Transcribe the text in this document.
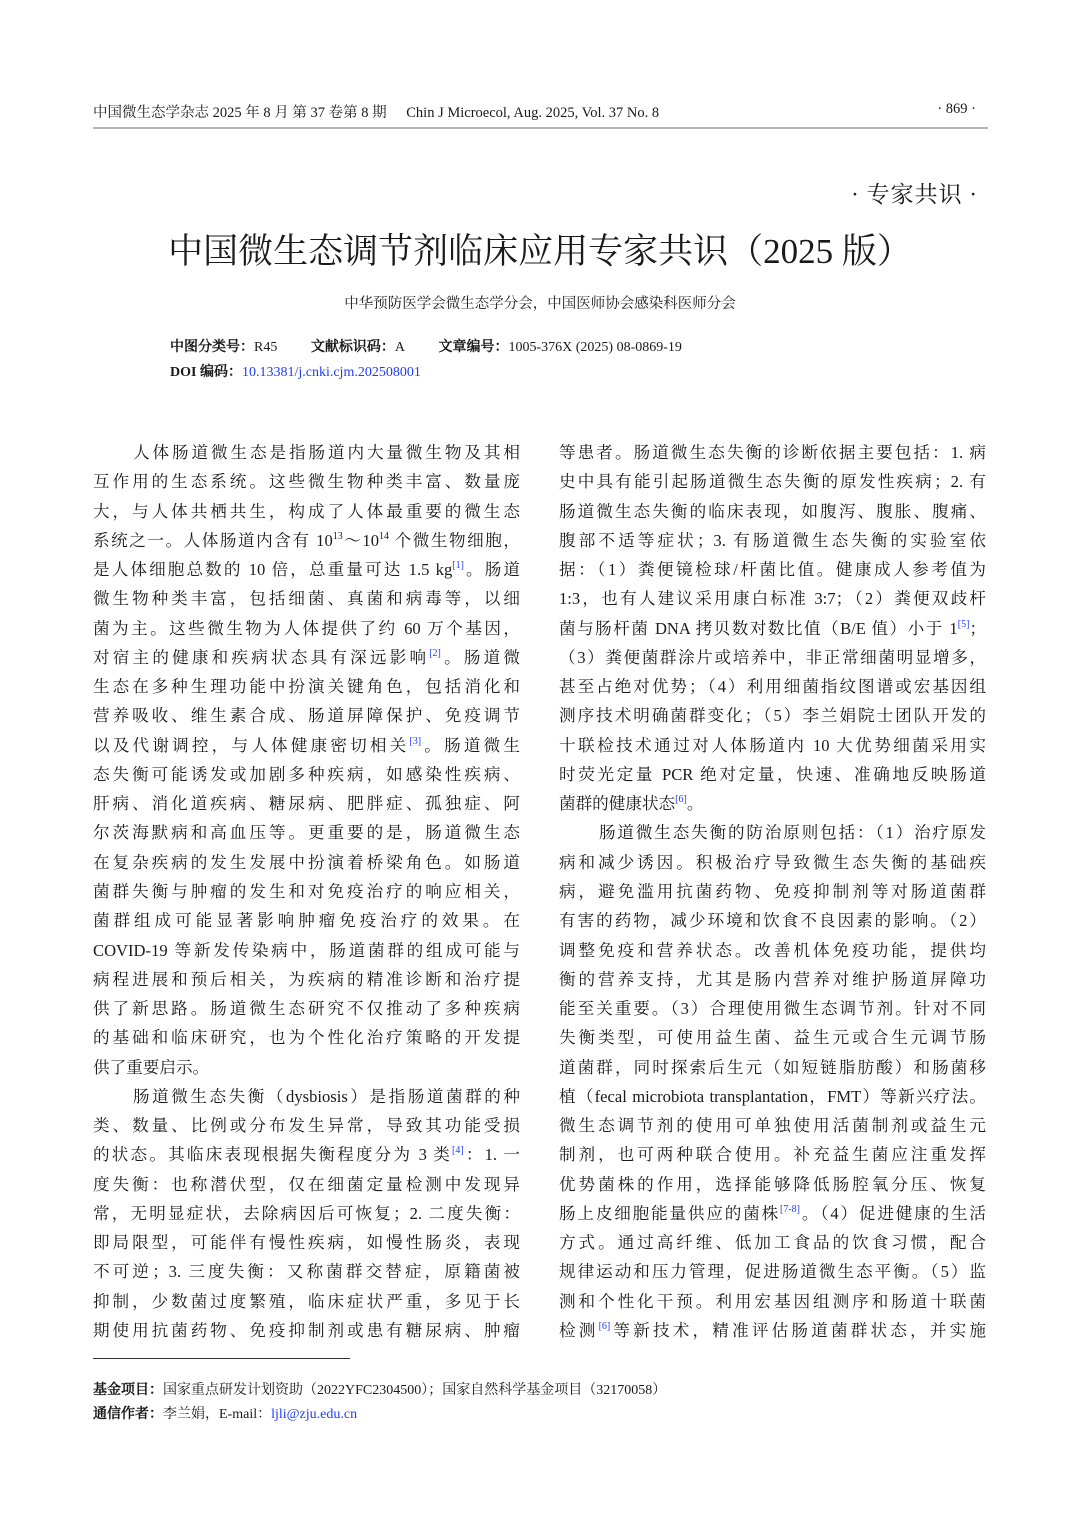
中国微生态学杂志 2025 年 8 月 第 37 卷第 8 期 Chin J Microecol, Aug. 2025, Vol. 37 No. 8	· 869 ·
· 专家共识 ·
中国微生态调节剂临床应用专家共识（2025 版）
中华预防医学会微生态学分会，中国医师协会感染科医师分会
中图分类号：R45 文献标识码：A 文章编号：1005-376X (2025) 08-0869-19
DOI 编码：10.13381/j.cnki.cjm.202508001
人体肠道微生态是指肠道内大量微生物及其相
互作用的生态系统。这些微生物种类丰富、数量庞
大，与人体共栖共生，构成了人体最重要的微生态
系统之一。人体肠道内含有 $10^{13}\sim 10^{14}$ 个微生物细胞，
是人体细胞总数的 10 倍，总重量可达 1.5 kg[1]。肠道
微生物种类丰富，包括细菌、真菌和病毒等，以细
菌为主。这些微生物为人体提供了约 60 万个基因，
对宿主的健康和疾病状态具有深远影响[2]。肠道微
生态在多种生理功能中扮演关键角色，包括消化和
营养吸收、维生素合成、肠道屏障保护、免疫调节
以及代谢调控，与人体健康密切相关[3]。肠道微生
态失衡可能诱发或加剧多种疾病，如感染性疾病、
肝病、消化道疾病、糖尿病、肥胖症、孤独症、阿
尔茨海默病和高血压等。更重要的是，肠道微生态
在复杂疾病的发生发展中扮演着桥梁角色。如肠道
菌群失衡与肿瘤的发生和对免疫治疗的响应相关，
菌群组成可能显著影响肿瘤免疫治疗的效果。在
COVID-19 等新发传染病中，肠道菌群的组成可能与
病程进展和预后相关，为疾病的精准诊断和治疗提
供了新思路。肠道微生态研究不仅推动了多种疾病
的基础和临床研究，也为个性化治疗策略的开发提
供了重要启示。
肠道微生态失衡（dysbiosis）是指肠道菌群的种
类、数量、比例或分布发生异常，导致其功能受损
的状态。其临床表现根据失衡程度分为 3 类[4]：1. 一
度失衡：也称潜伏型，仅在细菌定量检测中发现异
常，无明显症状，去除病因后可恢复；2. 二度失衡：
即局限型，可能伴有慢性疾病，如慢性肠炎，表现
不可逆；3. 三度失衡：又称菌群交替症，原籍菌被
抑制，少数菌过度繁殖，临床症状严重，多见于长
期使用抗菌药物、免疫抑制剂或患有糖尿病、肿瘤
等患者。肠道微生态失衡的诊断依据主要包括：1. 病
史中具有能引起肠道微生态失衡的原发性疾病；2. 有
肠道微生态失衡的临床表现，如腹泻、腹胀、腹痛、
腹部不适等症状；3. 有肠道微生态失衡的实验室依
据：（1）粪便镜检球/杆菌比值。健康成人参考值为
1:3，也有人建议采用康白标准 3:7；（2）粪便双歧杆
菌与肠杆菌 DNA 拷贝数对数比值（B/E 值）小于 1[5]；
（3）粪便菌群涂片或培养中，非正常细菌明显增多，
甚至占绝对优势；（4）利用细菌指纹图谱或宏基因组
测序技术明确菌群变化；（5）李兰娟院士团队开发的
十联检技术通过对人体肠道内 10 大优势细菌采用实
时荧光定量 PCR 绝对定量，快速、准确地反映肠道
菌群的健康状态[6]。
肠道微生态失衡的防治原则包括：（1）治疗原发
病和减少诱因。积极治疗导致微生态失衡的基础疾
病，避免滥用抗菌药物、免疫抑制剂等对肠道菌群
有害的药物，减少环境和饮食不良因素的影响。（2）
调整免疫和营养状态。改善机体免疫功能，提供均
衡的营养支持，尤其是肠内营养对维护肠道屏障功
能至关重要。（3）合理使用微生态调节剂。针对不同
失衡类型，可使用益生菌、益生元或合生元调节肠
道菌群，同时探索后生元（如短链脂肪酸）和肠菌移
植（fecal microbiota transplantation，FMT）等新兴疗法。
微生态调节剂的使用可单独使用活菌制剂或益生元
制剂，也可两种联合使用。补充益生菌应注重发挥
优势菌株的作用，选择能够降低肠腔氧分压、恢复
肠上皮细胞能量供应的菌株[7-8]。（4）促进健康的生活
方式。通过高纤维、低加工食品的饮食习惯，配合
规律运动和压力管理，促进肠道微生态平衡。（5）监
测和个性化干预。利用宏基因组测序和肠道十联菌
检测[6]等新技术，精准评估肠道菌群状态，并实施
基金项目：国家重点研发计划资助（2022YFC2304500）；国家自然科学基金项目（32170058）
通信作者：李兰娟，E-mail：ljli@zju.edu.cn
